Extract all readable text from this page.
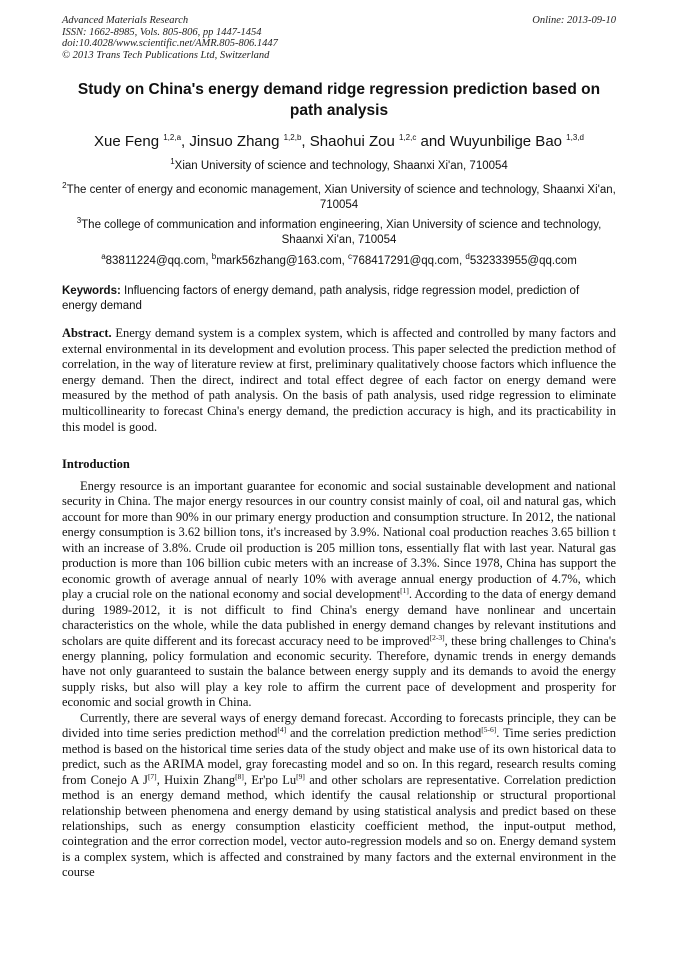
Advanced Materials Research
ISSN: 1662-8985, Vols. 805-806, pp 1447-1454
doi:10.4028/www.scientific.net/AMR.805-806.1447
© 2013 Trans Tech Publications Ltd, Switzerland
Online: 2013-09-10
Study on China's energy demand ridge regression prediction based on path analysis
Xue Feng $^{1,2,a}$, Jinsuo Zhang $^{1,2,b}$, Shaohui Zou $^{1,2,c}$ and Wuyunbilige Bao $^{1,3,d}$
$^1$Xian University of science and technology, Shaanxi Xi'an, 710054
$^2$The center of energy and economic management, Xian University of science and technology, Shaanxi Xi'an, 710054
$^3$The college of communication and information engineering, Xian University of science and technology, Shaanxi Xi'an, 710054
$^a$83811224@qq.com, $^b$mark56zhang@163.com, $^c$768417291@qq.com, $^d$532333955@qq.com
Keywords: Influencing factors of energy demand, path analysis, ridge regression model, prediction of energy demand
Abstract. Energy demand system is a complex system, which is affected and controlled by many factors and external environmental in its development and evolution process. This paper selected the prediction method of correlation, in the way of literature review at first, preliminary qualitatively choose factors which influence the energy demand. Then the direct, indirect and total effect degree of each factor on energy demand were measured by the method of path analysis. On the basis of path analysis, used ridge regression to eliminate multicollinearity to forecast China's energy demand, the prediction accuracy is high, and its practicability in this model is good.
Introduction

Energy resource is an important guarantee for economic and social sustainable development and national security in China. The major energy resources in our country consist mainly of coal, oil and natural gas, which account for more than 90% in our primary energy production and consumption structure. In 2012, the national energy consumption is 3.62 billion tons, it's increased by 3.9%. National coal production reaches 3.65 billion t with an increase of 3.8%. Crude oil production is 205 million tons, essentially flat with last year. Natural gas production is more than 106 billion cubic meters with an increase of 3.3%. Since 1978, China has support the economic growth of average annual of nearly 10% with average annual energy production of 4.7%, which play a crucial role on the national economy and social development[1]. According to the data of energy demand during 1989-2012, it is not difficult to find China's energy demand have nonlinear and uncertain characteristics on the whole, while the data published in energy demand changes by relevant institutions and scholars are quite different and its forecast accuracy need to be improved[2-3], these bring challenges to China's energy planning, policy formulation and economic security. Therefore, dynamic trends in energy demands have not only guaranteed to sustain the balance between energy supply and its demands to avoid the energy supply risks, but also will play a key role to affirm the current pace of development and prosperity for economic and social growth in China.

Currently, there are several ways of energy demand forecast. According to forecasts principle, they can be divided into time series prediction method[4] and the correlation prediction method[5-6]. Time series prediction method is based on the historical time series data of the study object and make use of its own historical data to predict, such as the ARIMA model, gray forecasting model and so on. In this regard, research results coming from Conejo A J[7], Huixin Zhang[8], Er'po Lu[9] and other scholars are representative. Correlation prediction method is an energy demand method, which identify the causal relationship or structural proportional relationship between phenomena and energy demand by using statistical analysis and predict based on these relationships, such as energy consumption elasticity coefficient method, the input-output method, cointegration and the error correction model, vector auto-regression models and so on. Energy demand system is a complex system, which is affected and constrained by many factors and the external environment in the course
